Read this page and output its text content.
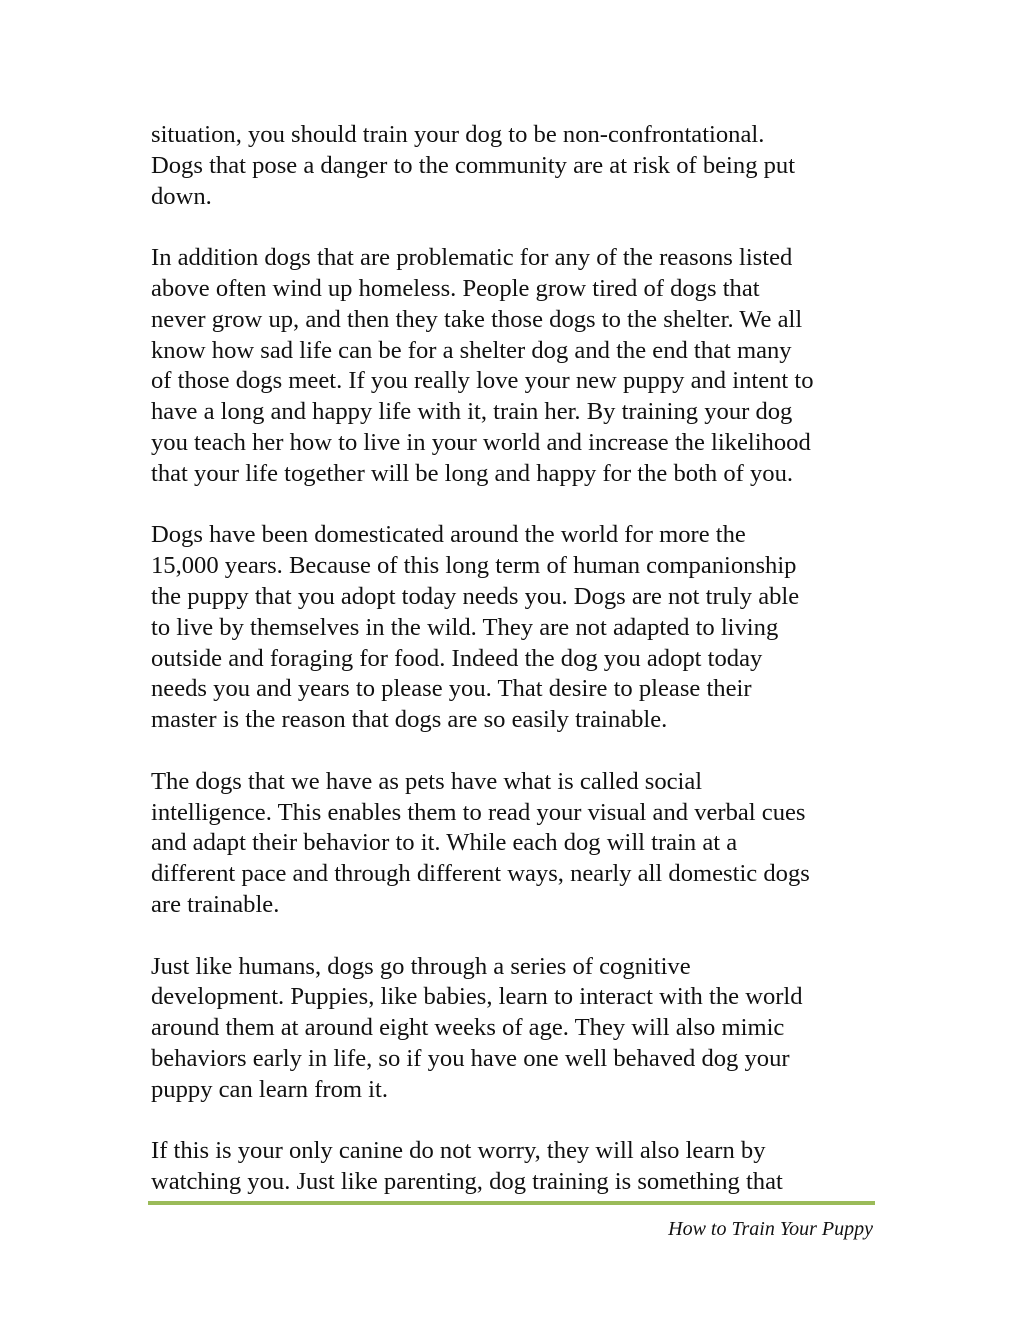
situation, you should train your dog to be non-confrontational.
Dogs that pose a danger to the community are at risk of being put
down.

In addition dogs that are problematic for any of the reasons listed
above often wind up homeless. People grow tired of dogs that
never grow up, and then they take those dogs to the shelter. We all
know how sad life can be for a shelter dog and the end that many
of those dogs meet. If you really love your new puppy and intent to
have a long and happy life with it, train her. By training your dog
you teach her how to live in your world and increase the likelihood
that your life together will be long and happy for the both of you.

Dogs have been domesticated around the world for more the
15,000 years. Because of this long term of human companionship
the puppy that you adopt today needs you. Dogs are not truly able
to live by themselves in the wild. They are not adapted to living
outside and foraging for food. Indeed the dog you adopt today
needs you and years to please you. That desire to please their
master is the reason that dogs are so easily trainable.

The dogs that we have as pets have what is called social
intelligence. This enables them to read your visual and verbal cues
and adapt their behavior to it. While each dog will train at a
different pace and through different ways, nearly all domestic dogs
are trainable.

Just like humans, dogs go through a series of cognitive
development. Puppies, like babies, learn to interact with the world
around them at around eight weeks of age. They will also mimic
behaviors early in life, so if you have one well behaved dog your
puppy can learn from it.

If this is your only canine do not worry, they will also learn by
watching you. Just like parenting, dog training is something that

How to Train Your Puppy
